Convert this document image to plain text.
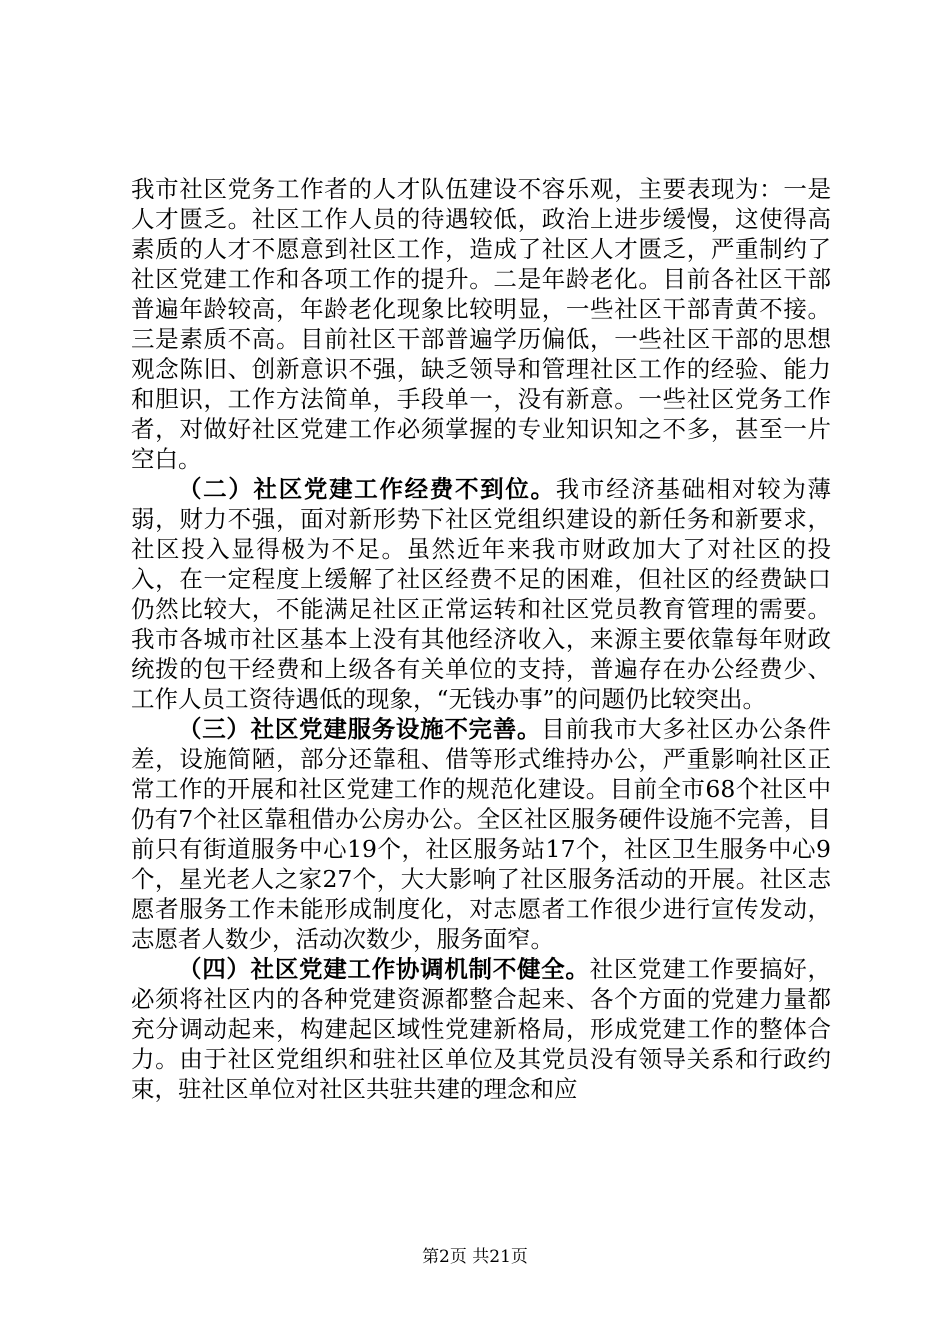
我市社区党务工作者的人才队伍建设不容乐观，主要表现为：一是人才匮乏。社区工作人员的待遇较低，政治上进步缓慢，这使得高素质的人才不愿意到社区工作，造成了社区人才匮乏，严重制约了社区党建工作和各项工作的提升。二是年龄老化。目前各社区干部普遍年龄较高，年龄老化现象比较明显，一些社区干部青黄不接。三是素质不高。目前社区干部普遍学历偏低，一些社区干部的思想观念陈旧、创新意识不强，缺乏领导和管理社区工作的经验、能力和胆识，工作方法简单，手段单一，没有新意。一些社区党务工作者，对做好社区党建工作必须掌握的专业知识知之不多，甚至一片空白。

（二）社区党建工作经费不到位。我市经济基础相对较为薄弱，财力不强，面对新形势下社区党组织建设的新任务和新要求，社区投入显得极为不足。虽然近年来我市财政加大了对社区的投入，在一定程度上缓解了社区经费不足的困难，但社区的经费缺口仍然比较大，不能满足社区正常运转和社区党员教育管理的需要。我市各城市社区基本上没有其他经济收入，来源主要依靠每年财政统拨的包干经费和上级各有关单位的支持，普遍存在办公经费少、工作人员工资待遇低的现象，“无钱办事”的问题仍比较突出。

（三）社区党建服务设施不完善。目前我市大多社区办公条件差，设施简陋，部分还靠租、借等形式维持办公，严重影响社区正常工作的开展和社区党建工作的规范化建设。目前全市68个社区中仍有7个社区靠租借办公房办公。全区社区服务硬件设施不完善，目前只有街道服务中心19个，社区服务站17个，社区卫生服务中心9个，星光老人之家27个，大大影响了社区服务活动的开展。社区志愿者服务工作未能形成制度化，对志愿者工作很少进行宣传发动，志愿者人数少，活动次数少，服务面窄。

（四）社区党建工作协调机制不健全。社区党建工作要搞好，必须将社区内的各种党建资源都整合起来、各个方面的党建力量都充分调动起来，构建起区域性党建新格局，形成党建工作的整体合力。由于社区党组织和驻社区单位及其党员没有领导关系和行政约束，驻社区单位对社区共驻共建的理念和应

第2页 共21页
